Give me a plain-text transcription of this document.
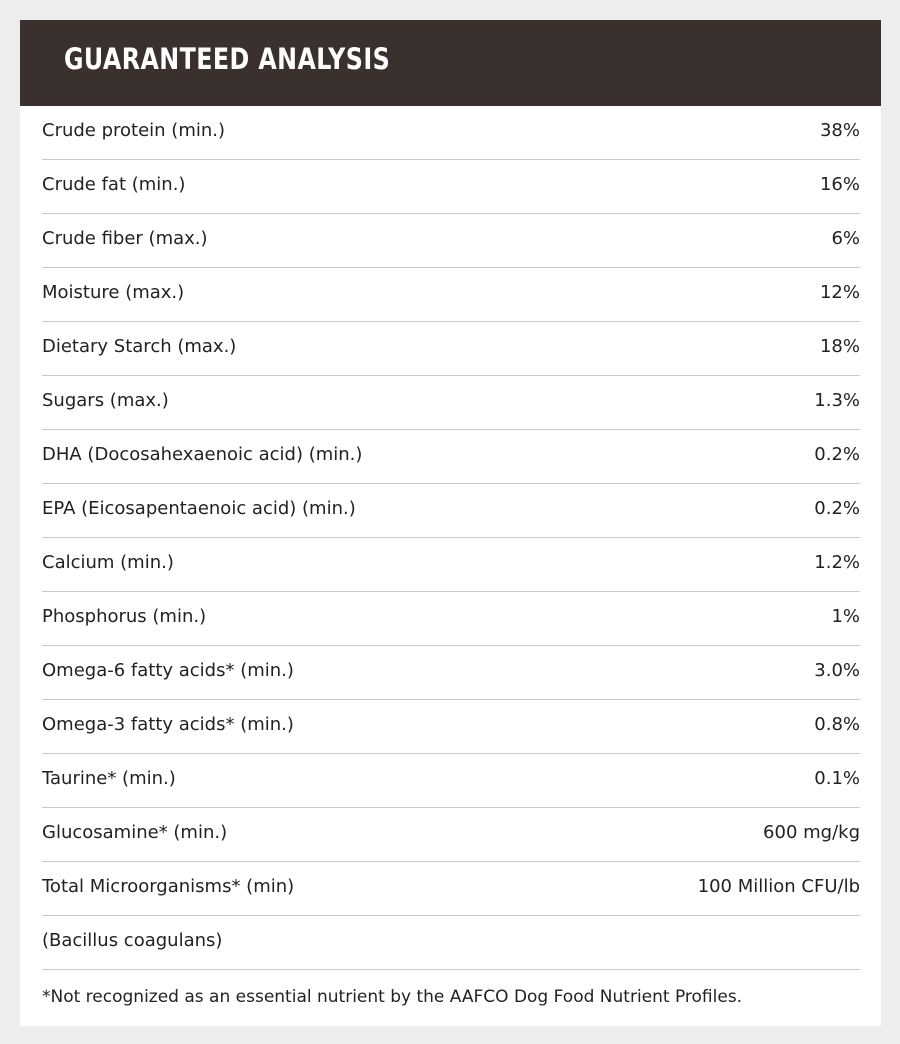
GUARANTEED ANALYSIS
Crude protein (min.)	38%
Crude fat (min.)	16%
Crude fiber (max.)	6%
Moisture (max.)	12%
Dietary Starch (max.)	18%
Sugars (max.)	1.3%
DHA (Docosahexaenoic acid) (min.)	0.2%
EPA (Eicosapentaenoic acid) (min.)	0.2%
Calcium (min.)	1.2%
Phosphorus (min.)	1%
Omega-6 fatty acids* (min.)	3.0%
Omega-3 fatty acids* (min.)	0.8%
Taurine* (min.)	0.1%
Glucosamine* (min.)	600 mg/kg
Total Microorganisms* (min)	100 Million CFU/lb
(Bacillus coagulans)
*Not recognized as an essential nutrient by the AAFCO Dog Food Nutrient Profiles.
